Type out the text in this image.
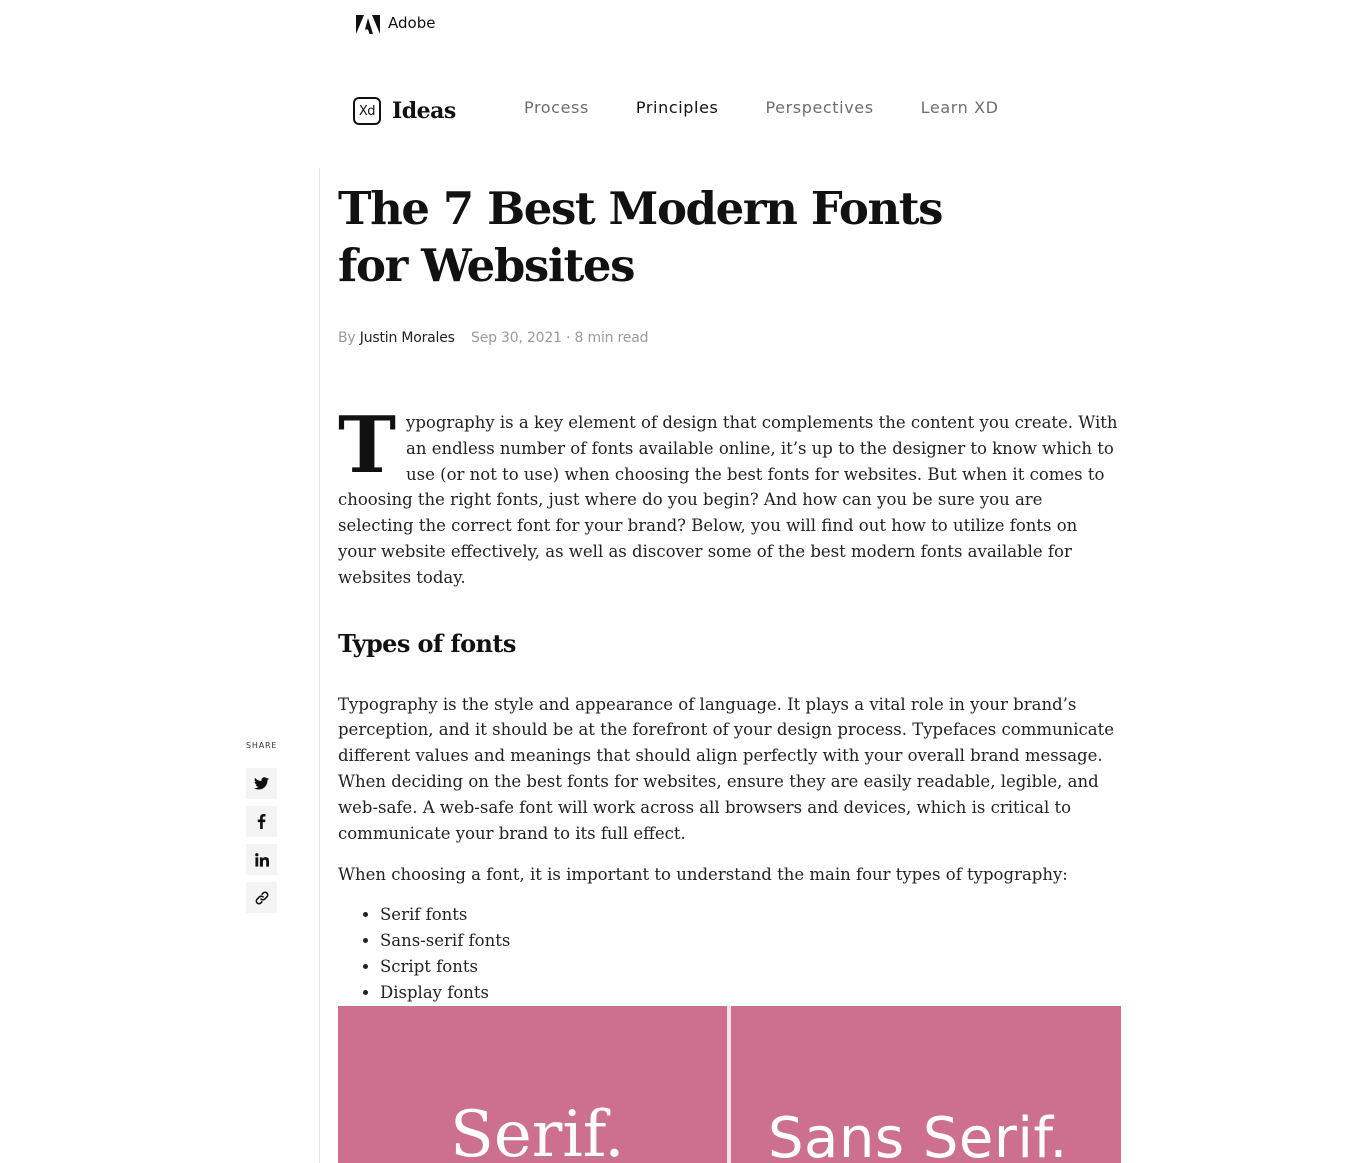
Adobe
Xd Ideas	Process	Principles	Perspectives	Learn XD
The 7 Best Modern Fonts for Websites
By Justin Morales Sep 30, 2021 · 8 min read
T ypography is a key element of design that complements the content you create. With an endless number of fonts available online, it’s up to the designer to know which to use (or not to use) when choosing the best fonts for websites. But when it comes to choosing the right fonts, just where do you begin? And how can you be sure you are selecting the correct font for your brand? Below, you will find out how to utilize fonts on your website effectively, as well as discover some of the best modern fonts available for websites today.

Types of fonts

Typography is the style and appearance of language. It plays a vital role in your brand’s perception, and it should be at the forefront of your design process. Typefaces communicate different values and meanings that should align perfectly with your overall brand message. When deciding on the best fonts for websites, ensure they are easily readable, legible, and web-safe. A web-safe font will work across all browsers and devices, which is critical to communicate your brand to its full effect.

When choosing a font, it is important to understand the main four types of typography:

• Serif fonts
• Sans-serif fonts
• Script fonts
• Display fonts
SHARE
Serif.	Sans Serif.
